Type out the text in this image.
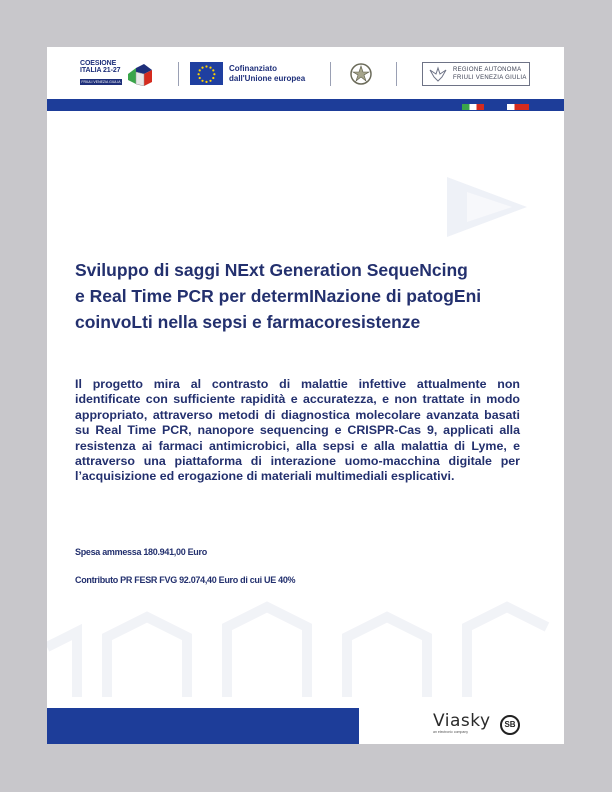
COESIONE
ITALIA 21-27
FRIULI VENEZIA GIULIA
Cofinanziato
dall'Unione europea
REGIONE AUTONOMA
FRIULI VENEZIA GIULIA
Sviluppo di saggi NExt Generation SequeNcing
e Real Time PCR per determINazione di patogEni
coinvoLti nella sepsi e farmacoresistenze

Il progetto mira al contrasto di malattie infettive attualmente non identificate con sufficiente rapidità e accuratezza, e non trattate in modo appropriato, attraverso metodi di diagnostica molecolare avanzata basati su Real Time PCR, nanopore sequencing e CRISPR-Cas 9, applicati alla resistenza ai farmaci antimicrobici, alla sepsi e alla malattia di Lyme, e attraverso una piattaforma di interazione uomo-macchina digitale per l’acquisizione ed erogazione di materiali multimediali esplicativi.

Spesa ammessa 180.941,00 Euro
Contributo PR FESR FVG 92.074,40 Euro di cui UE 40%
Viasky
an electronic company
SB
